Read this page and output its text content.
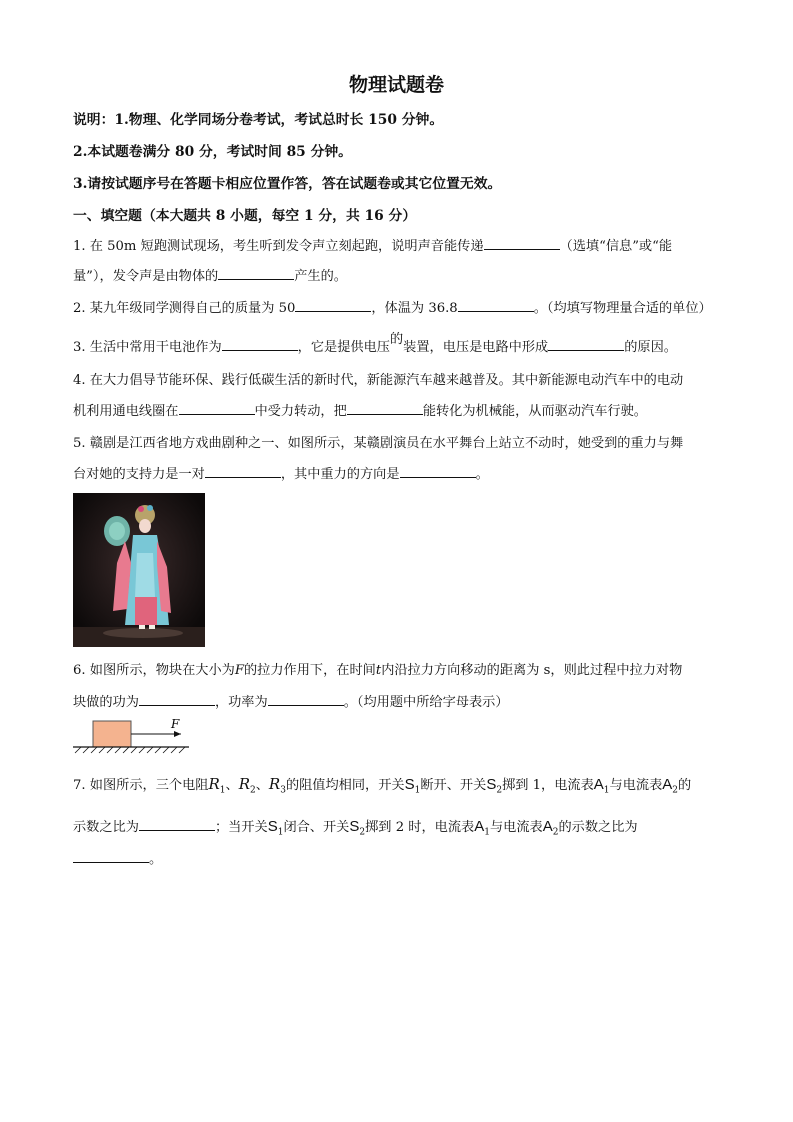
物理试题卷
说明：1.物理、化学同场分卷考试，考试总时长 150 分钟。
2.本试题卷满分 80 分，考试时间 85 分钟。
3.请按试题序号在答题卡相应位置作答，答在试题卷或其它位置无效。
一、填空题（本大题共 8 小题，每空 1 分，共 16 分）
1. 在 50m 短跑测试现场，考生听到发令声立刻起跑，说明声音能传递	（选填“信息”或“能
量”），发令声是由物体的	产生的。
2. 某九年级同学测得自己的质量为 50	，体温为 36.8	。（均填写物理量合适的单位）
3. 生活中常用干电池作为	，它是提供电压的装置，电压是电路中形成	的原因。
4. 在大力倡导节能环保、践行低碳生活的新时代，新能源汽车越来越普及。其中新能源电动汽车中的电动
机利用通电线圈在	中受力转动，把	能转化为机械能，从而驱动汽车行驶。
5. 赣剧是江西省地方戏曲剧种之一、如图所示，某赣剧演员在水平舞台上站立不动时，她受到的重力与舞
台对她的支持力是一对	，其中重力的方向是	。
6. 如图所示，物块在大小为F的拉力作用下，在时间t内沿拉力方向移动的距离为 s，则此过程中拉力对物
块做的功为	，功率为	。（均用题中所给字母表示）
F
7. 如图所示，三个电阻$R_1$、$R_2$、$R_3$的阻值均相同，开关$S_1$断开、开关$S_2$掷到 1，电流表$A_1$与电流表$A_2$的
示数之比为	；当开关$S_1$闭合、开关$S_2$掷到 2 时，电流表$A_1$与电流表$A_2$的示数之比为
。
